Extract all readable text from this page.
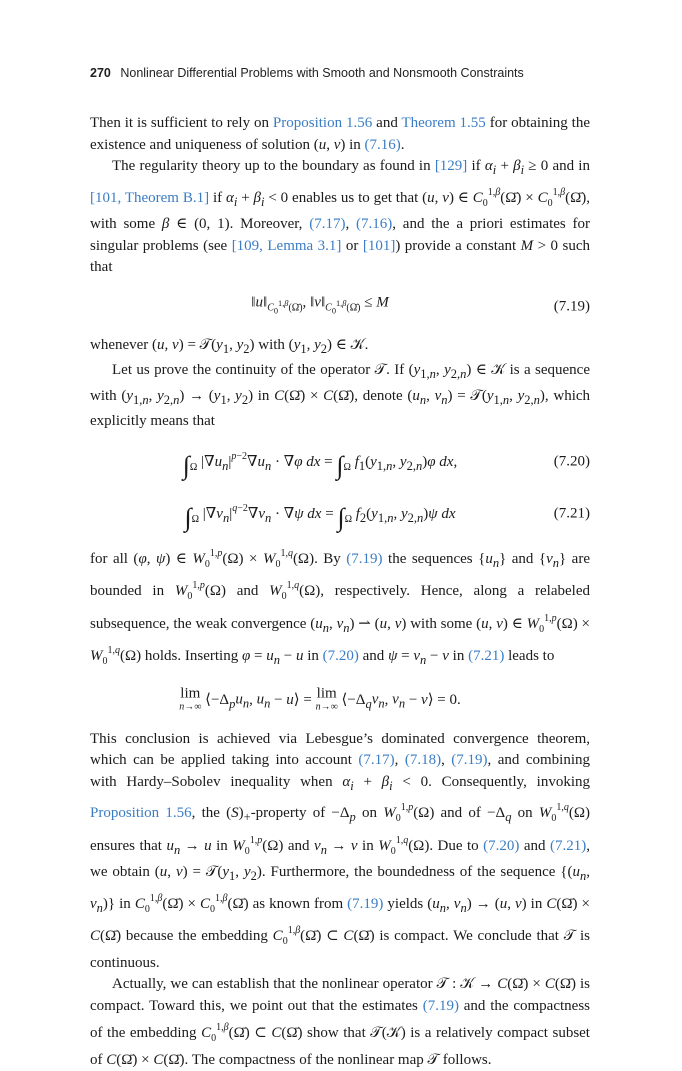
270 Nonlinear Differential Problems with Smooth and Nonsmooth Constraints

Then it is sufficient to rely on Proposition 1.56 and Theorem 1.55 for obtaining the existence and uniqueness of solution (u, v) in (7.16).

The regularity theory up to the boundary as found in [129] if $\alpha_i + \beta_i \ge 0$ and in [101, Theorem B.1] if $\alpha_i + \beta_i < 0$ enables us to get that (u, v) ∈ $C_0^{1,\beta}(\Omegā)$ × $C_0^{1,\beta}(\Omegā)$, with some β ∈ (0, 1). Moreover, (7.17), (7.16), and the a priori estimates for singular problems (see [109, Lemma 3.1] or [101]) provide a constant M > 0 such that

$‖u‖_{C_0^{1,\beta}(\Omegā)}$, $‖v‖_{C_0^{1,\beta}(\Omegā)} \le M$	(7.19)

whenever (u, $v) = 𝒯(y_1$, $y_2$) with ($y_1$, $y_2$) ∈ 𝒦.

Let us prove the continuity of the operator 𝒯. If ($y_{1,n}$, $y_{2,n}$) ∈ 𝒦 is a sequence with ($y_{1,n}$, $y_{2,n}) \to (y_1$, $y_2$) in C(Ω̄) × C(Ω̄), denote ($u_n$, $v_n$) = $𝒯(y_{1,n}$, $y_{2,n}$), which explicitly means that

$\int_\Omega$ $|\nabla u_n|^{p-2}\nabla u_n \cdot \nabla\varphi$ dx = $\int_\Omega$ $f_1(y_{1,n}$, $y_{2,n})\varphi$ dx,	(7.20)
$\int_\Omega$ $|\nabla v_n|^{q-2}\nabla v_n \cdot \nabla\psi$ dx = $\int_\Omega$ $f_2(y_{1,n}$, $y_{2,n})\psi$ dx	(7.21)

for all (φ, ψ) ∈ $W_0^{1,p}(\Omega) \times W_0^{1,q}(\Omega)$. By (7.19) the sequences $\{u_n\}$ and $\{v_n\}$ are bounded in $W_0^{1,p}(\Omega)$ and $W_0^{1,q}(\Omega)$, respectively. Hence, along a relabeled subsequence, the weak convergence ($u_n$, $v_n$) ⇀ (u, v) with some (u, v) ∈ $W_0^{1,p}(\Omega) \times W_0^{1,q}(\Omega)$ holds. Inserting $\varphi = u_n - u$ in (7.20) and $\psi = v_n - v$ in (7.21) leads to

lim
n→∞ $⟨-\Delta_pu_n$, $u_n$ − u⟩ = lim
n→∞ $⟨-\Delta_qv_n$, $v_n$ − v⟩ = 0.

This conclusion is achieved via Lebesgue’s dominated convergence theorem, which can be applied taking into account (7.17), (7.18), (7.19), and combining with Hardy–Sobolev inequality when $\alpha_i + \beta_i < 0$. Consequently, invoking Proposition 1.56, the $(S)_+$-property of $-\Delta_p$ on $W_0^{1,p}(\Omega)$ and of $-\Delta_q$ on $W_0^{1,q}(\Omega)$ ensures that $u_n \to u$ in $W_0^{1,p}(\Omega)$ and $v_n \to v$ in $W_0^{1,q}(\Omega)$. Due to (7.20) and (7.21), we obtain (u, $v) = 𝒯(y_1$, $y_2$). Furthermore, the boundedness of the sequence {($u_n$, $v_n$)} in $C_0^{1,\beta}(\Omegā)$ × $C_0^{1,\beta}(\Omegā)$ as known from (7.19) yields ($u_n$, $v_n) \to (u$, v) in C(Ω̄) × C(Ω̄) because the embedding $C_0^{1,\beta}(\Omegā)$ ⊂ C(Ω̄) is compact. We conclude that 𝒯 is continuous.

Actually, we can establish that the nonlinear operator 𝒯 : 𝒦 → C(Ω̄) × C(Ω̄) is compact. Toward this, we point out that the estimates (7.19) and the compactness of the embedding $C_0^{1,\beta}(\Omegā)$ ⊂ C(Ω̄) show that 𝒯(𝒦) is a relatively compact subset of C(Ω̄) × C(Ω̄). The compactness of the nonlinear map 𝒯 follows.
